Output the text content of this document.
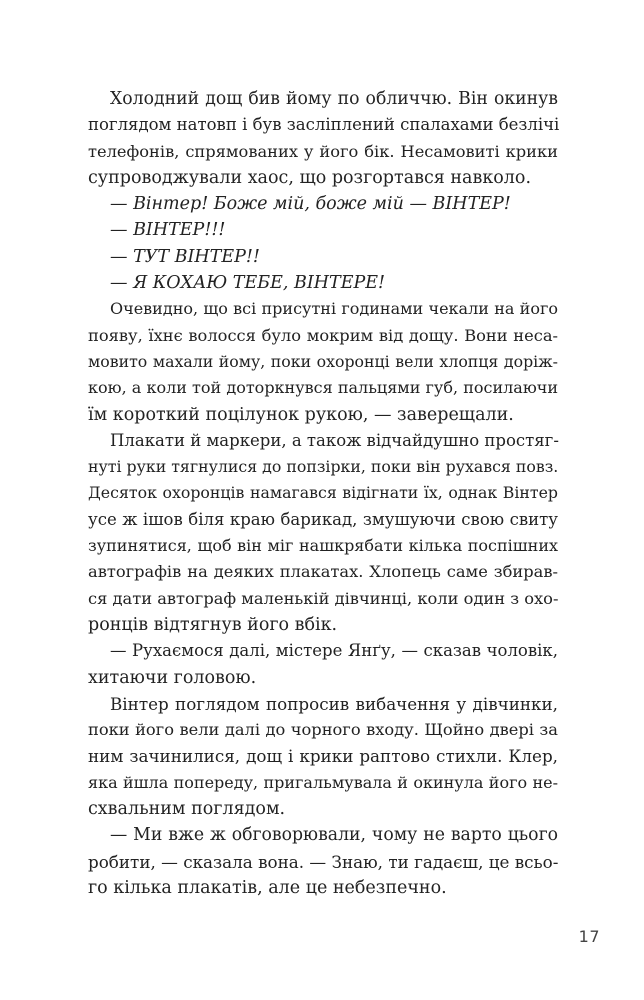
Холодний дощ бив йому по обличчю. Він окинув
поглядом натовп і був засліплений спалахами безлічі
телефонів, спрямованих у його бік. Несамовиті крики
супроводжували хаос, що розгортався навколо.
— Вінтер! Боже мій, боже мій — ВІНТЕР!
— ВІНТЕР!!!
— ТУТ ВІНТЕР!!
— Я КОХАЮ ТЕБЕ, ВІНТЕРЕ!
Очевидно, що всі присутні годинами чекали на його
появу, їхнє волосся було мокрим від дощу. Вони неса-
мовито махали йому, поки охоронці вели хлопця доріж-
кою, а коли той доторкнувся пальцями губ, посилаючи
їм короткий поцілунок рукою, — заверещали.
Плакати й маркери, а також відчайдушно простяг-
нуті руки тягнулися до попзірки, поки він рухався повз.
Десяток охоронців намагався відігнати їх, однак Вінтер
усе ж ішов біля краю барикад, змушуючи свою свиту
зупинятися, щоб він міг нашкрябати кілька поспішних
автографів на деяких плакатах. Хлопець саме збирав-
ся дати автограф маленькій дівчинці, коли один з охо-
ронців відтягнув його вбік.
— Рухаємося далі, містере Янґу, — сказав чоловік,
хитаючи головою.
Вінтер поглядом попросив вибачення у дівчинки,
поки його вели далі до чорного входу. Щойно двері за
ним зачинилися, дощ і крики раптово стихли. Клер,
яка йшла попереду, пригальмувала й окинула його не-
схвальним поглядом.
— Ми вже ж обговорювали, чому не варто цього
робити, — сказала вона. — Знаю, ти гадаєш, це всьо-
го кілька плакатів, але це небезпечно.
17
